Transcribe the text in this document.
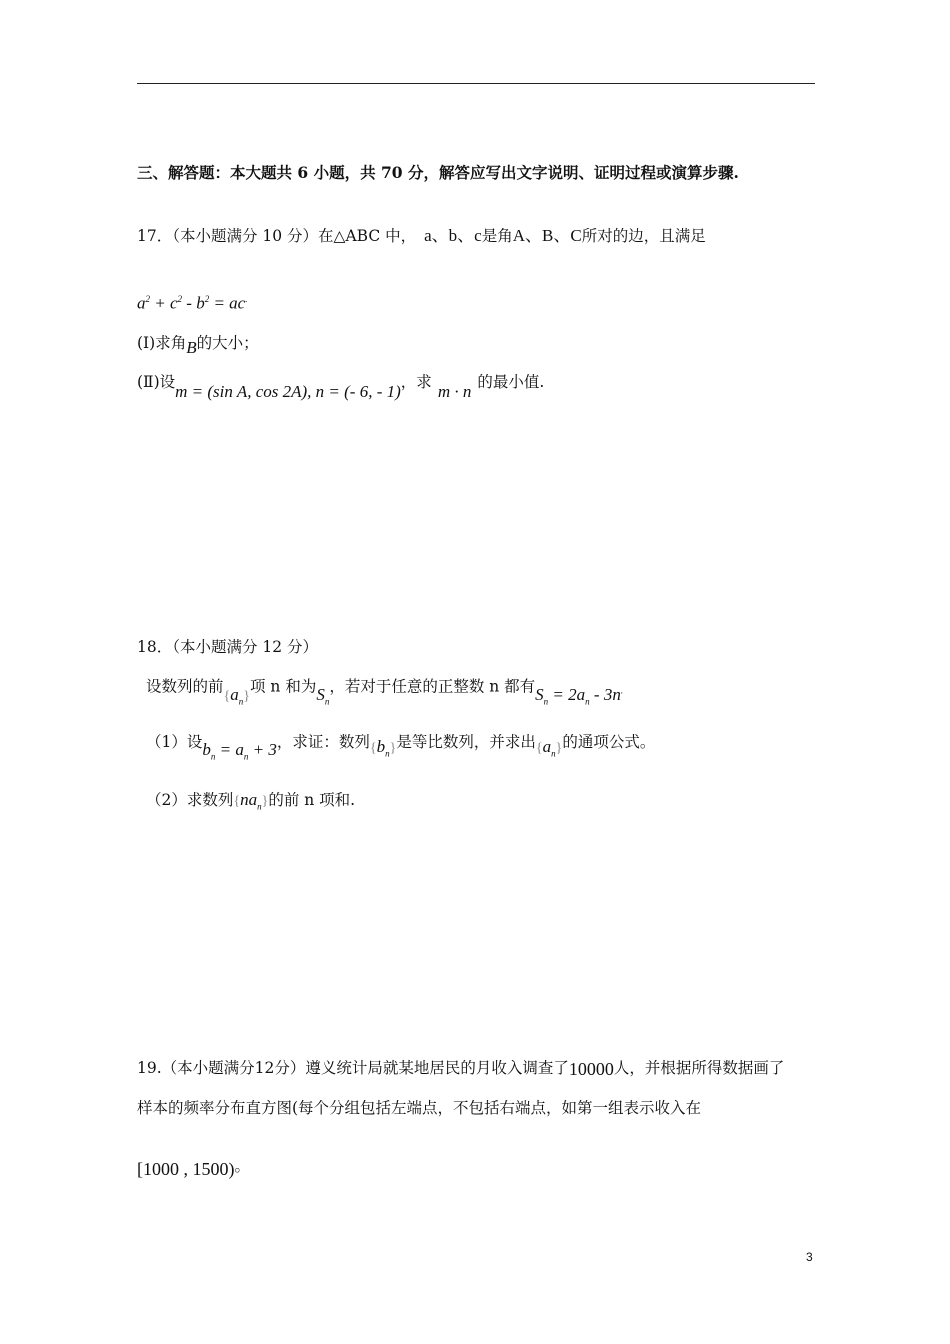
三、解答题：本大题共 6 小题，共 70 分，解答应写出文字说明、证明过程或演算步骤.
17．（本小题满分 10 分）在△ABC 中， a、b、c是角A、B、C所对的边，且满足
$a^2 + c^2 - b^2 = ac^.$
(Ⅰ)求角B的大小；
(Ⅱ)设m = (sin A, cos 2A), n = (- 6, - 1)，求 m · n 的最小值.
18．（本小题满分 12 分）
设数列的前$\{a_n\}$项 n 和为$S_n$，若对于任意的正整数 n 都有$S_n = 2a_n - 3n^.$
（1）设$b_n = a_n + 3$，求证：数列$\{b_n\}$是等比数列，并求出$\{a_n\}$的通项公式。
（2）求数列$\{na_n\}$的前 n 项和.
19.（本小题满分12分）遵义统计局就某地居民的月收入调查了10000人，并根据所得数据画了
样本的频率分布直方图(每个分组包括左端点，不包括右端点，如第一组表示收入在
[1000 , 1500)。
3
